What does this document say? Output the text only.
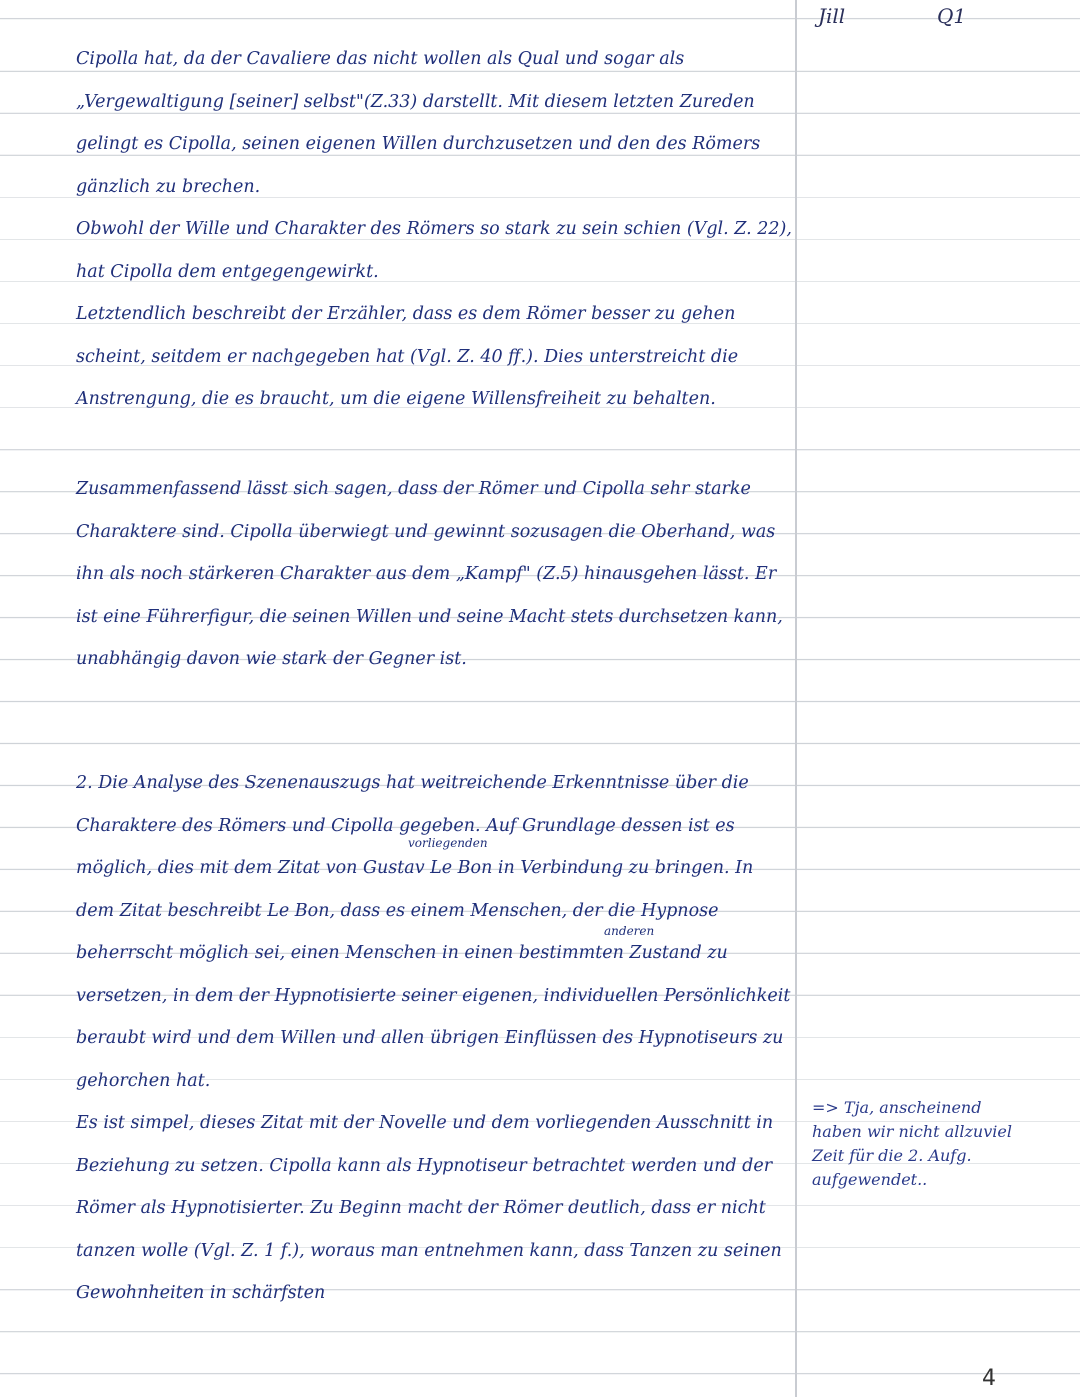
Jill	Q1

Cipolla hat, da der Cavaliere das nicht wollen als Qual und sogar als „Vergewaltigung [seiner] selbst"(Z.33) darstellt. Mit diesem letzten Zureden gelingt es Cipolla, seinen eigenen Willen durchzusetzen und den des Römers gänzlich zu brechen.

Obwohl der Wille und Charakter des Römers so stark zu sein schien (Vgl. Z. 22), hat Cipolla dem entgegengewirkt.

Letztendlich beschreibt der Erzähler, dass es dem Römer besser zu gehen scheint, seitdem er nachgegeben hat (Vgl. Z. 40 ff.). Dies unterstreicht die Anstrengung, die es braucht, um die eigene Willensfreiheit zu behalten.

Zusammenfassend lässt sich sagen, dass der Römer und Cipolla sehr starke Charaktere sind. Cipolla überwiegt und gewinnt sozusagen die Oberhand, was ihn als noch stärkeren Charakter aus dem „Kampf" (Z.5) hinausgehen lässt. Er ist eine Führerfigur, die seinen Willen und seine Macht stets durchsetzen kann, unabhängig davon wie stark der Gegner ist.

2. Die Analyse des Szenenauszugs hat weitreichende Erkenntnisse über die Charaktere des Römers und Cipolla gegeben. Auf Grundlage dessen ist es möglich, dies mit dem Zitat von Gustav Le Bon in Verbindung zu bringen. In dem Zitat beschreibt Le Bon, dass es einem Menschen, der die Hypnose beherrscht möglich sei, einen Menschen in einen bestimmten Zustand zu versetzen, in dem der Hypnotisierte seiner eigenen, individuellen Persönlichkeit beraubt wird und dem Willen und allen übrigen Einflüssen des Hypnotiseurs zu gehorchen hat.

Es ist simpel, dieses Zitat mit der Novelle und dem vorliegenden Ausschnitt in Beziehung zu setzen. Cipolla kann als Hypnotiseur betrachtet werden und der Römer als Hypnotisierter. Zu Beginn macht der Römer deutlich, dass er nicht tanzen wolle (Vgl. Z. 1 f.), woraus man entnehmen kann, dass Tanzen zu seinen Gewohnheiten in schärfsten

vorliegenden
anderen
=> Tja, anscheinend haben wir nicht allzuviel Zeit für die 2. Aufg. aufgewendet..
4
